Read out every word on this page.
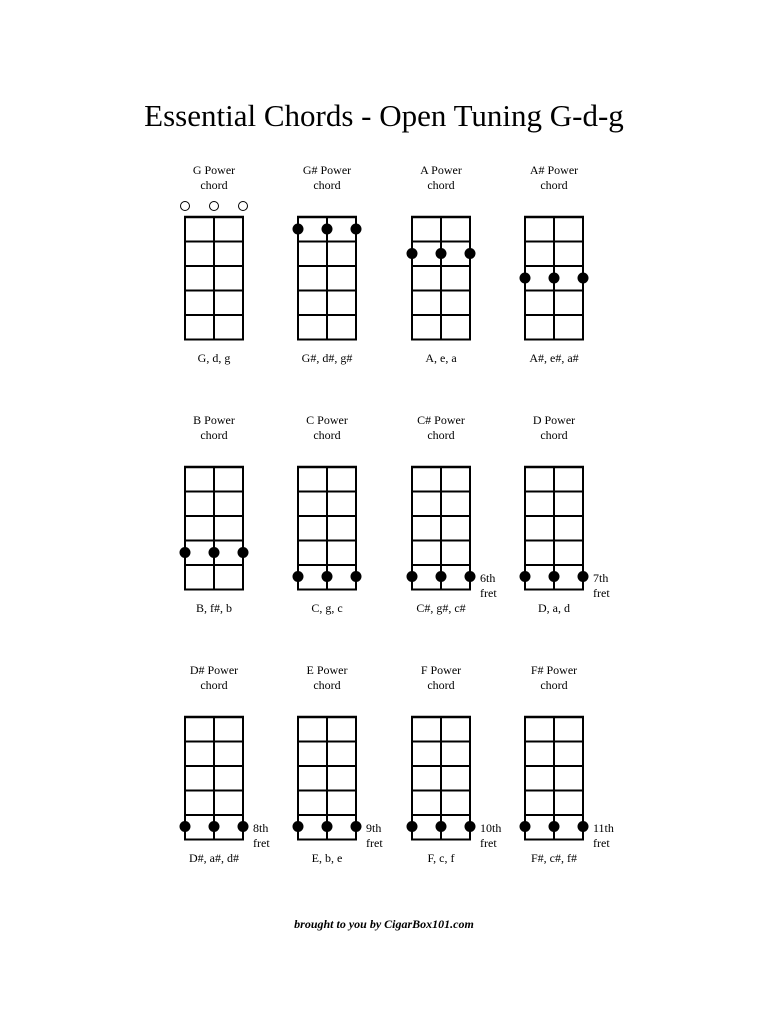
Essential Chords - Open Tuning G-d-g
G Power chord
G, d, g
G# Power chord
G#, d#, g#
A Power chord
A, e, a
A# Power chord
A#, e#, a#
B Power chord
B, f#, b
C Power chord
C, g, c
C# Power chord
C#, g#, c#
6th fret
D Power chord
D, a, d
7th fret
D# Power chord
D#, a#, d#
8th fret
E Power chord
E, b, e
9th fret
F Power chord
F, c, f
10th fret
F# Power chord
F#, c#, f#
11th fret
brought to you by CigarBox101.com
